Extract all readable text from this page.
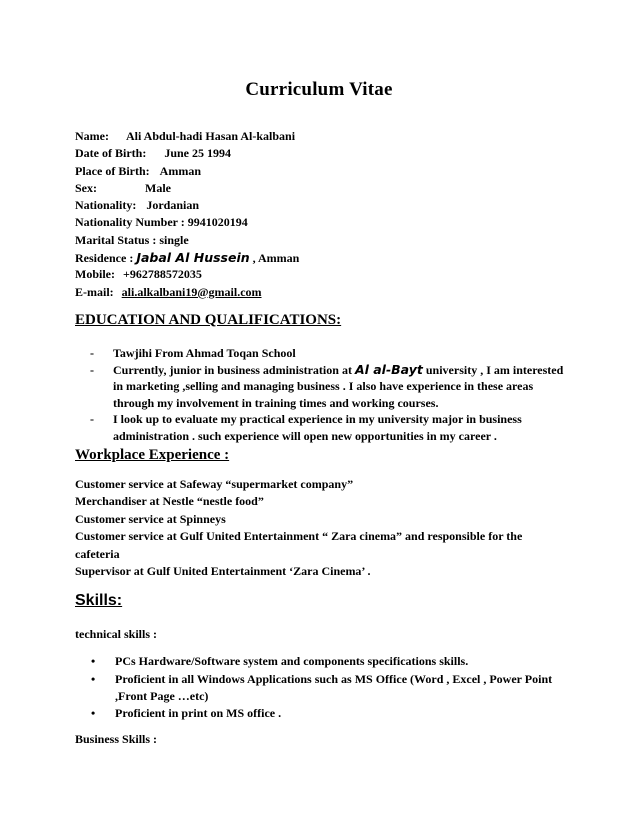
Curriculum Vitae
Name: Ali Abdul-hadi Hasan Al-kalbani
Date of Birth: June 25 1994
Place of Birth: Amman
Sex:	Male
Nationality: Jordanian
Nationality Number : 9941020194
Marital Status : single
Residence : Jabal Al Hussein , Amman
Mobile: +962788572035
E-mail: ali.alkalbani19@gmail.com
EDUCATION AND QUALIFICATIONS:
- Tawjihi From Ahmad Toqan School
- Currently, junior in business administration at Al al-Bayt university , I am interested in marketing ,selling and managing business . I also have experience in these areas through my involvement in training times and working courses.
- I look up to evaluate my practical experience in my university major in business administration . such experience will open new opportunities in my career .
Workplace Experience :
Customer service at Safeway “supermarket company”
Merchandiser at Nestle “nestle food”
Customer service at Spinneys
Customer service at Gulf United Entertainment “ Zara cinema” and responsible for the cafeteria
Supervisor at Gulf United Entertainment ‘Zara Cinema’ .
Skills:
technical skills :
• PCs Hardware/Software system and components specifications skills.
• Proficient in all Windows Applications such as MS Office (Word , Excel , Power Point ,Front Page …etc)
• Proficient in print on MS office .
Business Skills :
